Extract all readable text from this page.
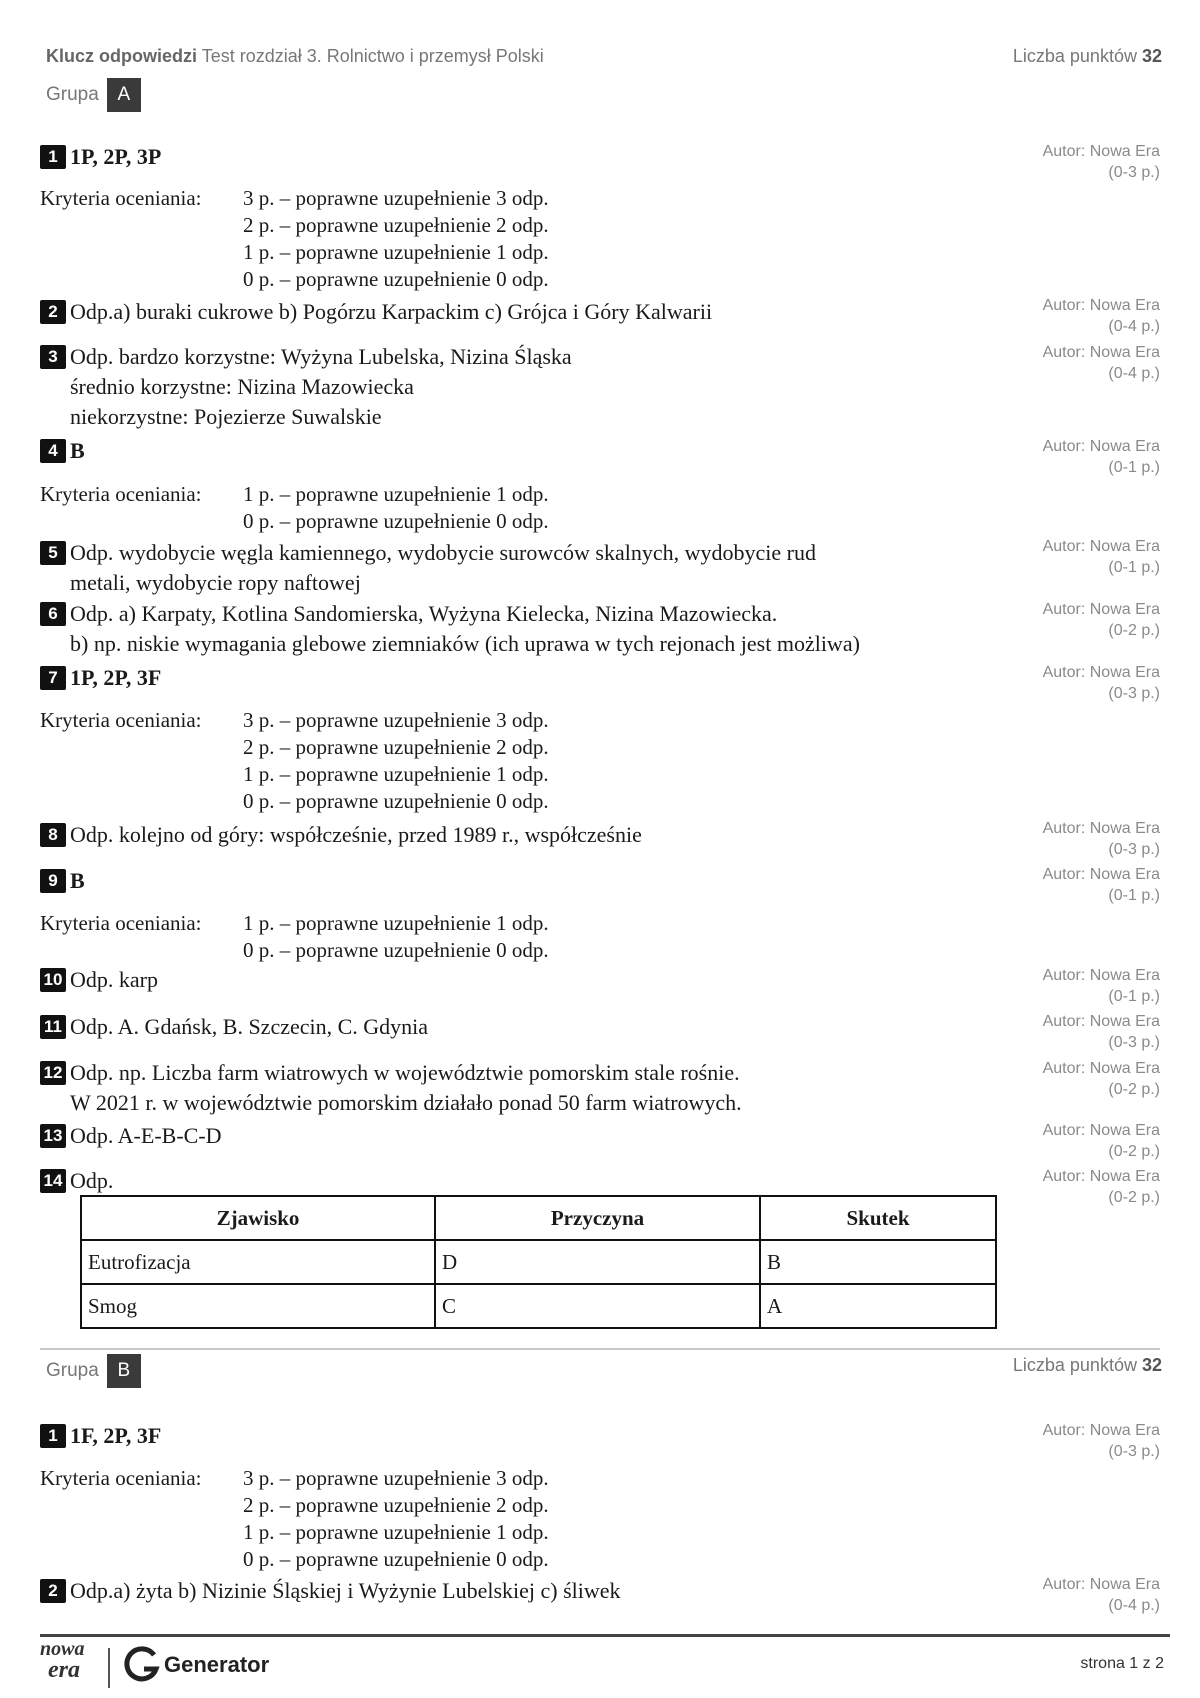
Klucz odpowiedzi Test rozdział 3. Rolnictwo i przemysł Polski	Liczba punktów 32
Grupa A
1 1P, 2P, 3P	Autor: Nowa Era
(0-3 p.)
Kryteria oceniania: 3 p. – poprawne uzupełnienie 3 odp.
2 p. – poprawne uzupełnienie 2 odp.
1 p. – poprawne uzupełnienie 1 odp.
0 p. – poprawne uzupełnienie 0 odp.
2 Odp.a) buraki cukrowe b) Pogórzu Karpackim c) Grójca i Góry Kalwarii	Autor: Nowa Era
(0-4 p.)
3 Odp. bardzo korzystne: Wyżyna Lubelska, Nizina Śląska
średnio korzystne: Nizina Mazowiecka
niekorzystne: Pojezierze Suwalskie
Autor: Nowa Era
(0-4 p.)
4 B	Autor: Nowa Era
(0-1 p.)
Kryteria oceniania: 1 p. – poprawne uzupełnienie 1 odp.
0 p. – poprawne uzupełnienie 0 odp.
5 Odp. wydobycie węgla kamiennego, wydobycie surowców skalnych, wydobycie rud
metali, wydobycie ropy naftowej
Autor: Nowa Era
(0-1 p.)
6 Odp. a) Karpaty, Kotlina Sandomierska, Wyżyna Kielecka, Nizina Mazowiecka.
b) np. niskie wymagania glebowe ziemniaków (ich uprawa w tych rejonach jest możliwa)
Autor: Nowa Era
(0-2 p.)
7 1P, 2P, 3F	Autor: Nowa Era
(0-3 p.)
Kryteria oceniania: 3 p. – poprawne uzupełnienie 3 odp.
2 p. – poprawne uzupełnienie 2 odp.
1 p. – poprawne uzupełnienie 1 odp.
0 p. – poprawne uzupełnienie 0 odp.
8 Odp. kolejno od góry: współcześnie, przed 1989 r., współcześnie	Autor: Nowa Era
(0-3 p.)
9 B	Autor: Nowa Era
(0-1 p.)
Kryteria oceniania: 1 p. – poprawne uzupełnienie 1 odp.
0 p. – poprawne uzupełnienie 0 odp.
10 Odp. karp	Autor: Nowa Era
(0-1 p.)
11 Odp. A. Gdańsk, B. Szczecin, C. Gdynia	Autor: Nowa Era
(0-3 p.)
12 Odp. np. Liczba farm wiatrowych w województwie pomorskim stale rośnie.
W 2021 r. w województwie pomorskim działało ponad 50 farm wiatrowych.
Autor: Nowa Era
(0-2 p.)
13 Odp. A-E-B-C-D	Autor: Nowa Era
(0-2 p.)
14 Odp.	Autor: Nowa Era
(0-2 p.)
Zjawisko	Przyczyna	Skutek
Eutrofizacja	D	B
Smog	C	A
Grupa B	Liczba punktów 32
1 1F, 2P, 3F	Autor: Nowa Era
(0-3 p.)
Kryteria oceniania: 3 p. – poprawne uzupełnienie 3 odp.
2 p. – poprawne uzupełnienie 2 odp.
1 p. – poprawne uzupełnienie 1 odp.
0 p. – poprawne uzupełnienie 0 odp.
2 Odp.a) żyta b) Nizinie Śląskiej i Wyżynie Lubelskiej c) śliwek	Autor: Nowa Era
(0-4 p.)
nowa
era	Generator	strona 1 z 2
